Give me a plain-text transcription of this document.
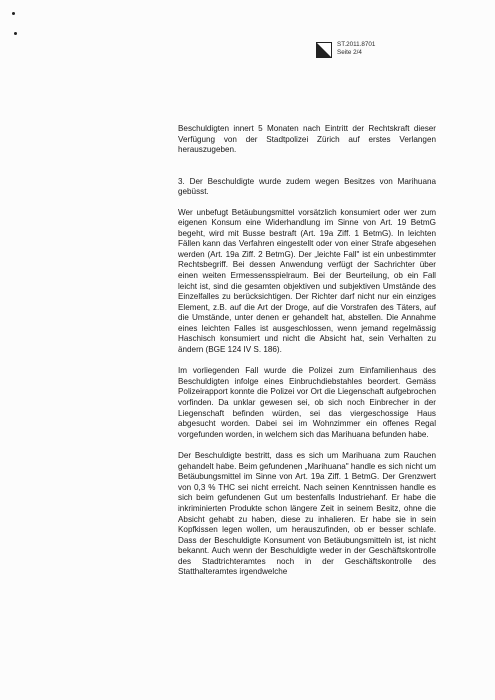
ST.2011.8701
Seite 2/4

Beschuldigten innert 5 Monaten nach Eintritt der Rechtskraft dieser Verfügung von der Stadtpolizei Zürich auf erstes Verlangen herauszugeben.

3. Der Beschuldigte wurde zudem wegen Besitzes von Marihuana gebüsst.

Wer unbefugt Betäubungsmittel vorsätzlich konsumiert oder wer zum eigenen Konsum eine Widerhandlung im Sinne von Art. 19 BetmG begeht, wird mit Busse bestraft (Art. 19a Ziff. 1 BetmG). In leichten Fällen kann das Verfahren eingestellt oder von einer Strafe abgesehen werden (Art. 19a Ziff. 2 BetmG). Der „leichte Fall" ist ein unbestimmter Rechtsbegriff. Bei dessen Anwendung verfügt der Sachrichter über einen weiten Ermessensspielraum. Bei der Beurteilung, ob ein Fall leicht ist, sind die gesamten objektiven und subjektiven Umstände des Einzelfalles zu berücksichtigen. Der Richter darf nicht nur ein einziges Element, z.B. auf die Art der Droge, auf die Vorstrafen des Täters, auf die Umstände, unter denen er gehandelt hat, abstellen. Die Annahme eines leichten Falles ist ausgeschlossen, wenn jemand regelmässig Haschisch konsumiert und nicht die Absicht hat, sein Verhalten zu ändern (BGE 124 IV S. 186).

Im vorliegenden Fall wurde die Polizei zum Einfamilienhaus des Beschuldigten infolge eines Einbruchdiebstahles beordert. Gemäss Polizeirapport konnte die Polizei vor Ort die Liegenschaft aufgebrochen vorfinden. Da unklar gewesen sei, ob sich noch Einbrecher in der Liegenschaft befinden würden, sei das viergeschossige Haus abgesucht worden. Dabei sei im Wohnzimmer ein offenes Regal vorgefunden worden, in welchem sich das Marihuana befunden habe.

Der Beschuldigte bestritt, dass es sich um Marihuana zum Rauchen gehandelt habe. Beim gefundenen „Marihuana" handle es sich nicht um Betäubungsmittel im Sinne von Art. 19a Ziff. 1 BetmG. Der Grenzwert von 0,3 % THC sei nicht erreicht. Nach seinen Kenntnissen handle es sich beim gefundenen Gut um bestenfalls Industriehanf. Er habe die inkriminierten Produkte schon längere Zeit in seinem Besitz, ohne die Absicht gehabt zu haben, diese zu inhalieren. Er habe sie in sein Kopfkissen legen wollen, um herauszufinden, ob er besser schlafe. Dass der Beschuldigte Konsument von Betäubungsmitteln ist, ist nicht bekannt. Auch wenn der Beschuldigte weder in der Geschäftskontrolle des Stadtrichteramtes noch in der Geschäftskontrolle des Statthalteramtes irgendwelche
